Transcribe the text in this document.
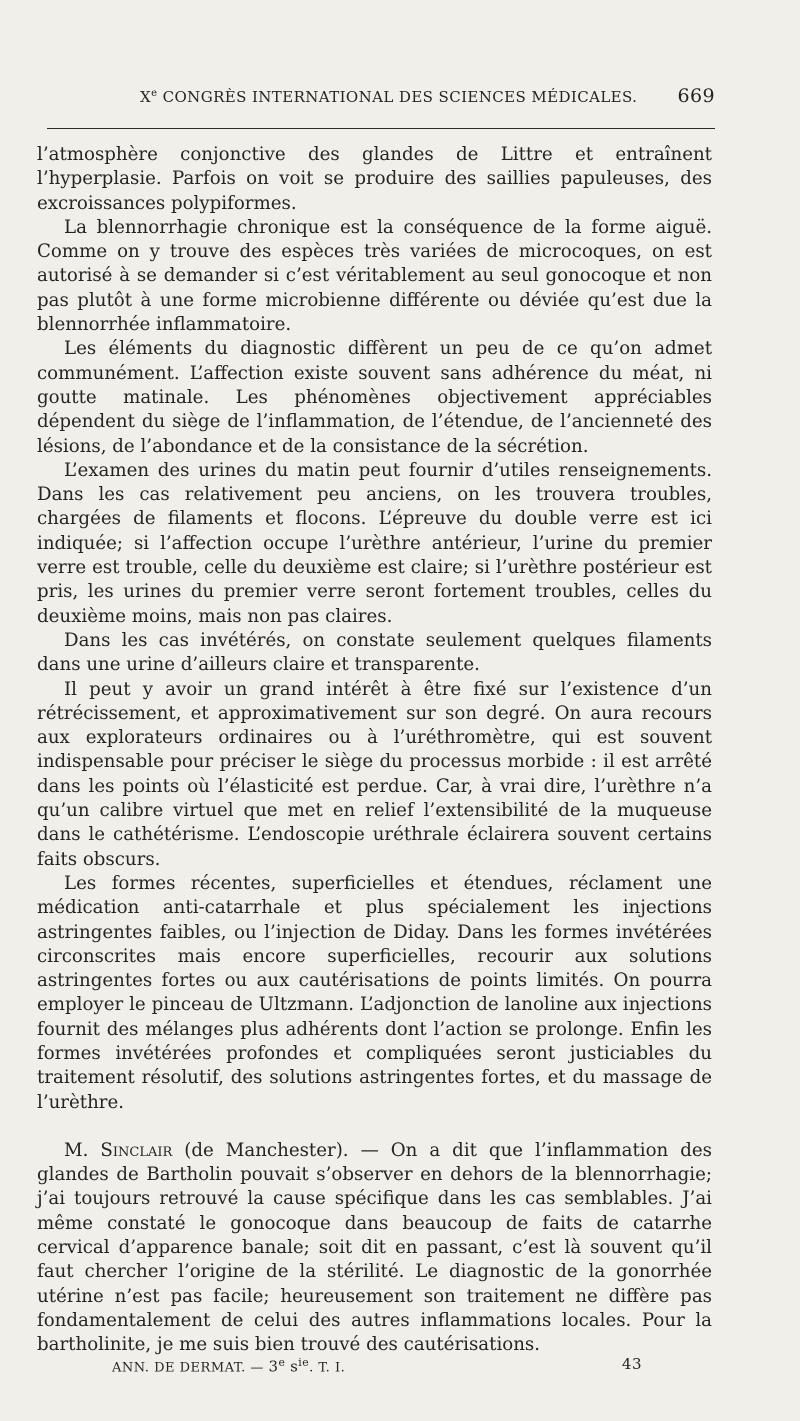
Xe CONGRÈS INTERNATIONAL DES SCIENCES MÉDICALES. 669

l’atmosphère conjonctive des glandes de Littre et entraînent l’hyperplasie. Parfois on voit se produire des saillies papuleuses, des excroissances polypiformes.

La blennorrhagie chronique est la conséquence de la forme aiguë. Comme on y trouve des espèces très variées de microcoques, on est autorisé à se demander si c’est véritablement au seul gonocoque et non pas plutôt à une forme microbienne différente ou déviée qu’est due la blennorrhée inflammatoire.

Les éléments du diagnostic diffèrent un peu de ce qu’on admet communément. L’affection existe souvent sans adhérence du méat, ni goutte matinale. Les phénomènes objectivement appréciables dépendent du siège de l’inflammation, de l’étendue, de l’ancienneté des lésions, de l’abondance et de la consistance de la sécrétion.

L’examen des urines du matin peut fournir d’utiles renseignements. Dans les cas relativement peu anciens, on les trouvera troubles, chargées de filaments et flocons. L’épreuve du double verre est ici indiquée; si l’affection occupe l’urèthre antérieur, l’urine du premier verre est trouble, celle du deuxième est claire; si l’urèthre postérieur est pris, les urines du premier verre seront fortement troubles, celles du deuxième moins, mais non pas claires.

Dans les cas invétérés, on constate seulement quelques filaments dans une urine d’ailleurs claire et transparente.

Il peut y avoir un grand intérêt à être fixé sur l’existence d’un rétrécissement, et approximativement sur son degré. On aura recours aux explorateurs ordinaires ou à l’uréthromètre, qui est souvent indispensable pour préciser le siège du processus morbide : il est arrêté dans les points où l’élasticité est perdue. Car, à vrai dire, l’urèthre n’a qu’un calibre virtuel que met en relief l’extensibilité de la muqueuse dans le cathétérisme. L’endoscopie uréthrale éclairera souvent certains faits obscurs.

Les formes récentes, superficielles et étendues, réclament une médication anti-catarrhale et plus spécialement les injections astringentes faibles, ou l’injection de Diday. Dans les formes invétérées circonscrites mais encore superficielles, recourir aux solutions astringentes fortes ou aux cautérisations de points limités. On pourra employer le pinceau de Ultzmann. L’adjonction de lanoline aux injections fournit des mélanges plus adhérents dont l’action se prolonge. Enfin les formes invétérées profondes et compliquées seront justiciables du traitement résolutif, des solutions astringentes fortes, et du massage de l’urèthre.

M. Sinclair (de Manchester). — On a dit que l’inflammation des glandes de Bartholin pouvait s’observer en dehors de la blennorrhagie; j’ai toujours retrouvé la cause spécifique dans les cas semblables. J’ai même constaté le gonocoque dans beaucoup de faits de catarrhe cervical d’apparence banale; soit dit en passant, c’est là souvent qu’il faut chercher l’origine de la stérilité. Le diagnostic de la gonorrhée utérine n’est pas facile; heureusement son traitement ne diffère pas fondamentalement de celui des autres inflammations locales. Pour la bartholinite, je me suis bien trouvé des cautérisations.

ANN. DE DERMAT. — 3e $s^{ie}$. T. I.	43
